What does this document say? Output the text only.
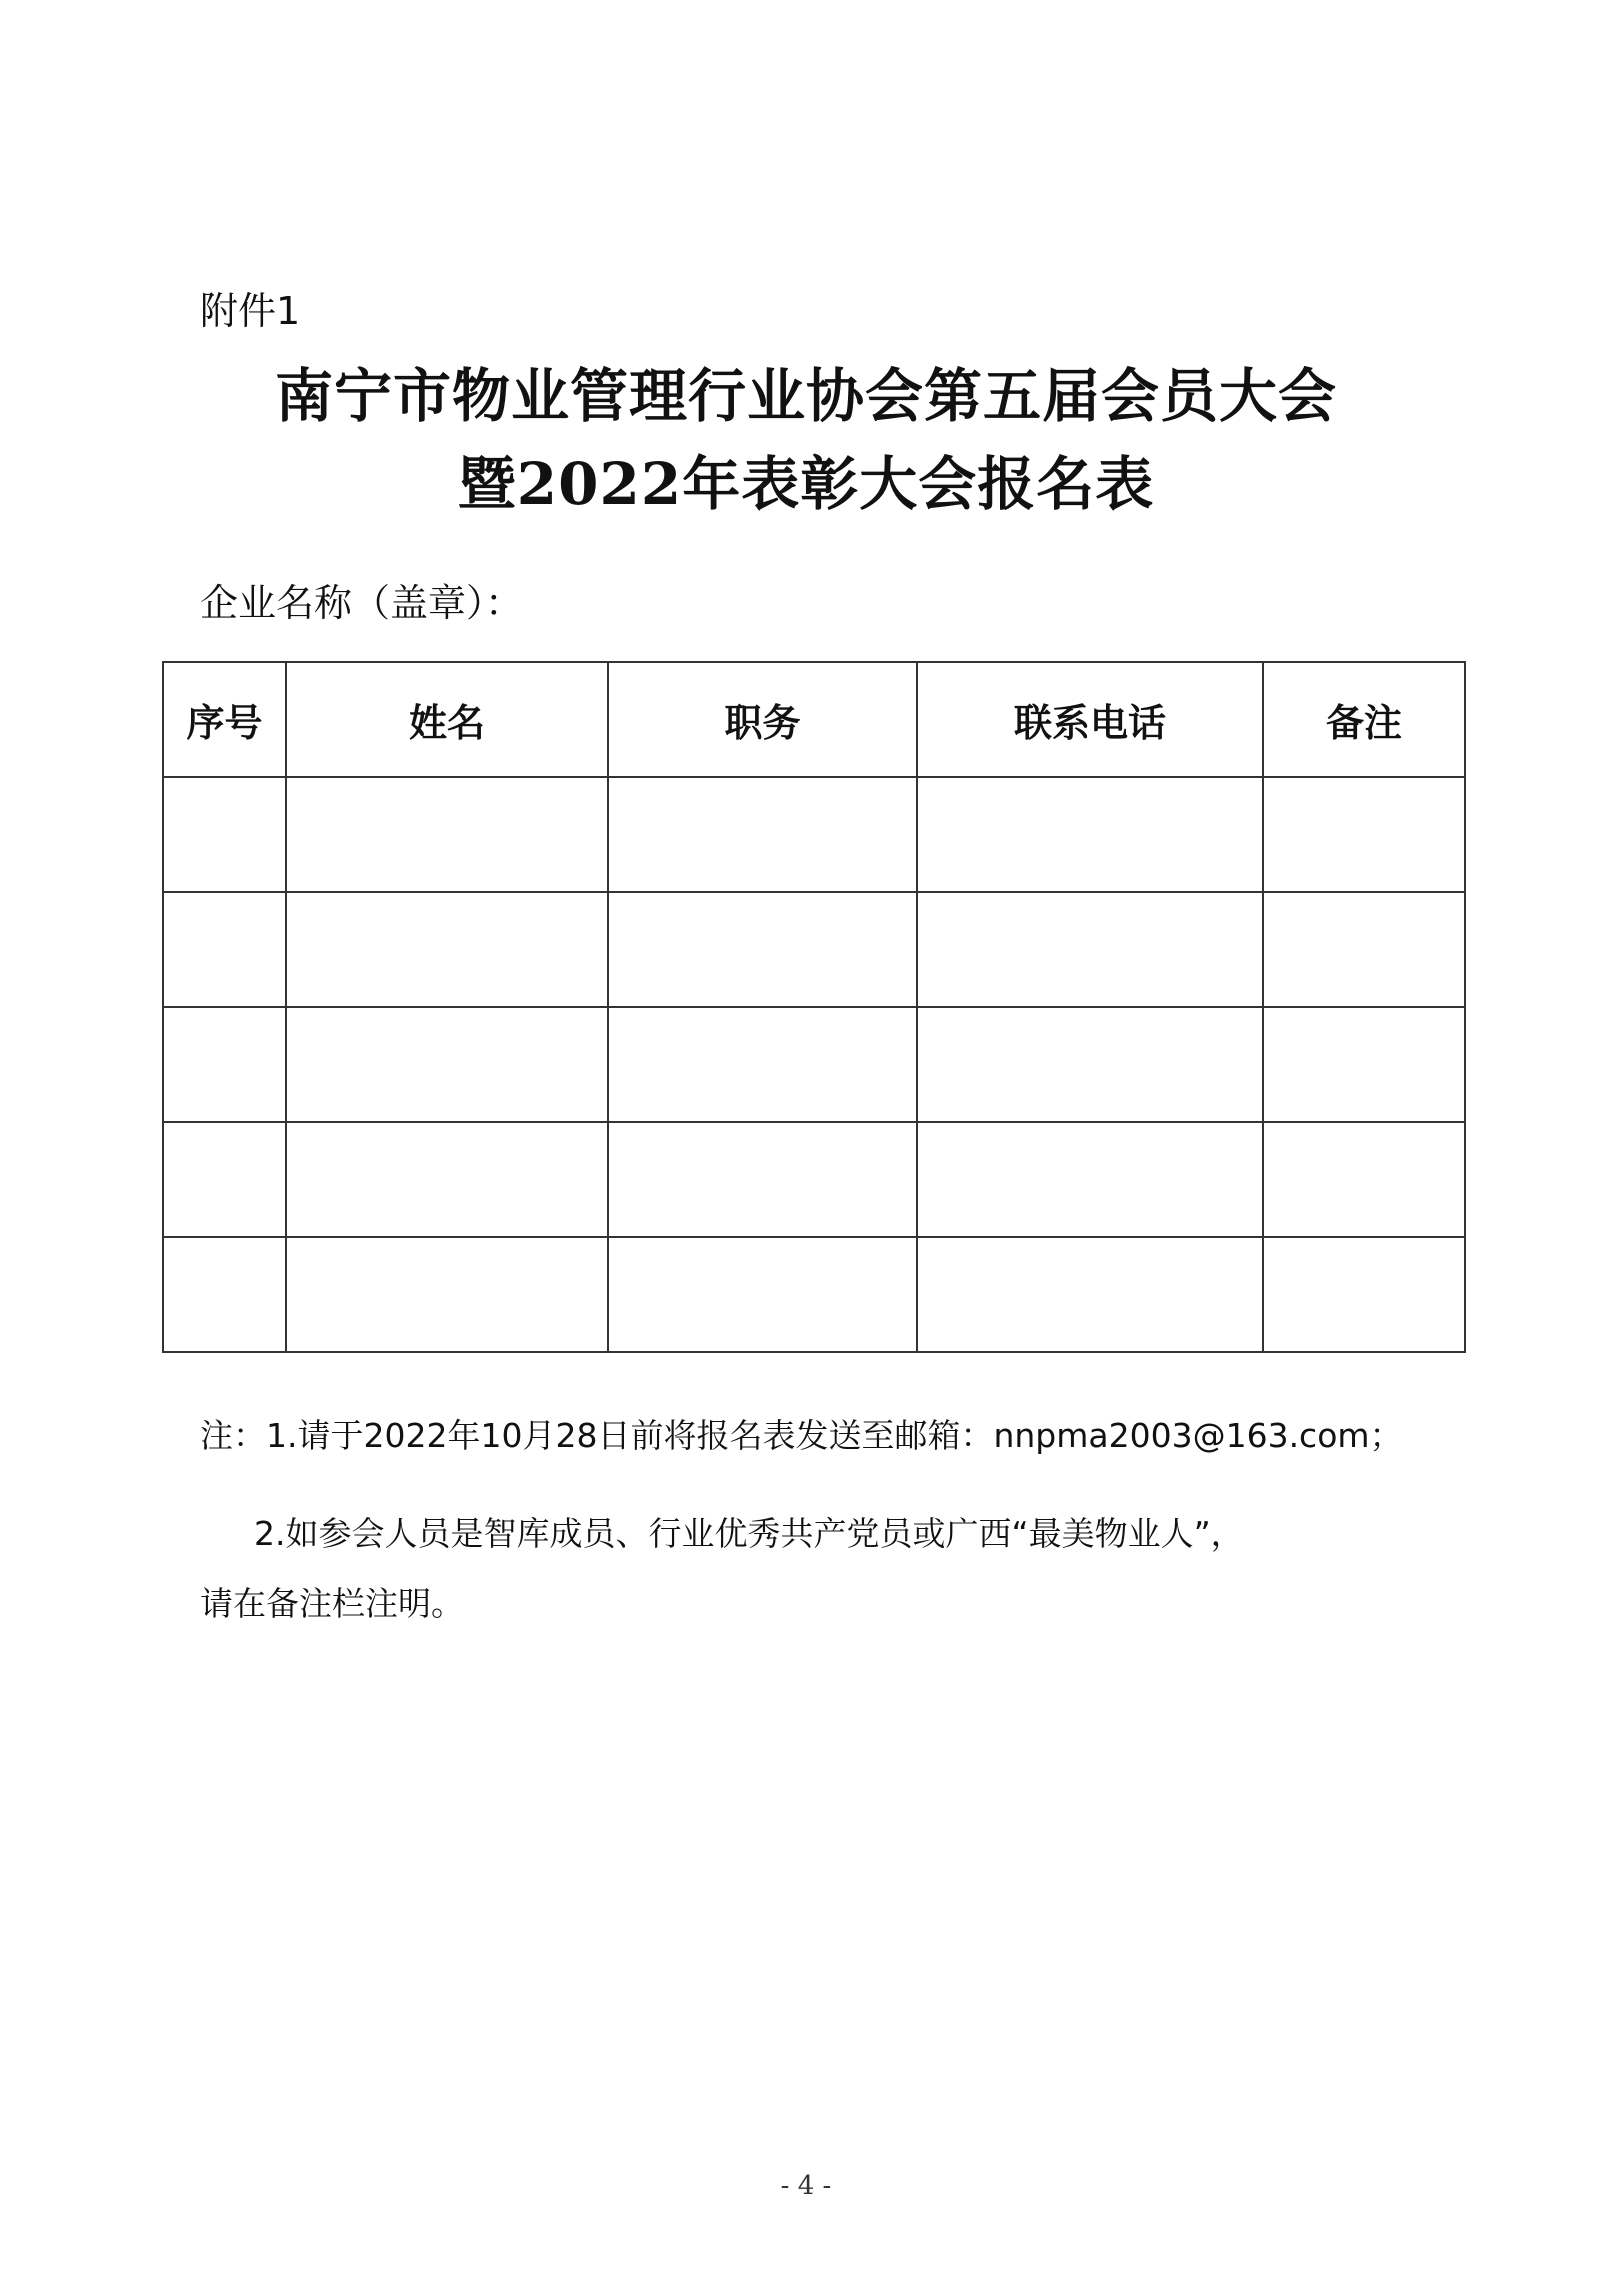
附件1
南宁市物业管理行业协会第五届会员大会
暨2022年表彰大会报名表
企业名称（盖章）：
序号	姓名	职务	联系电话	备注

注：1.请于2022年10月28日前将报名表发送至邮箱：nnpma2003@163.com；
2.如参会人员是智库成员、行业优秀共产党员或广西“最美物业人”，
请在备注栏注明。
- 4 -
